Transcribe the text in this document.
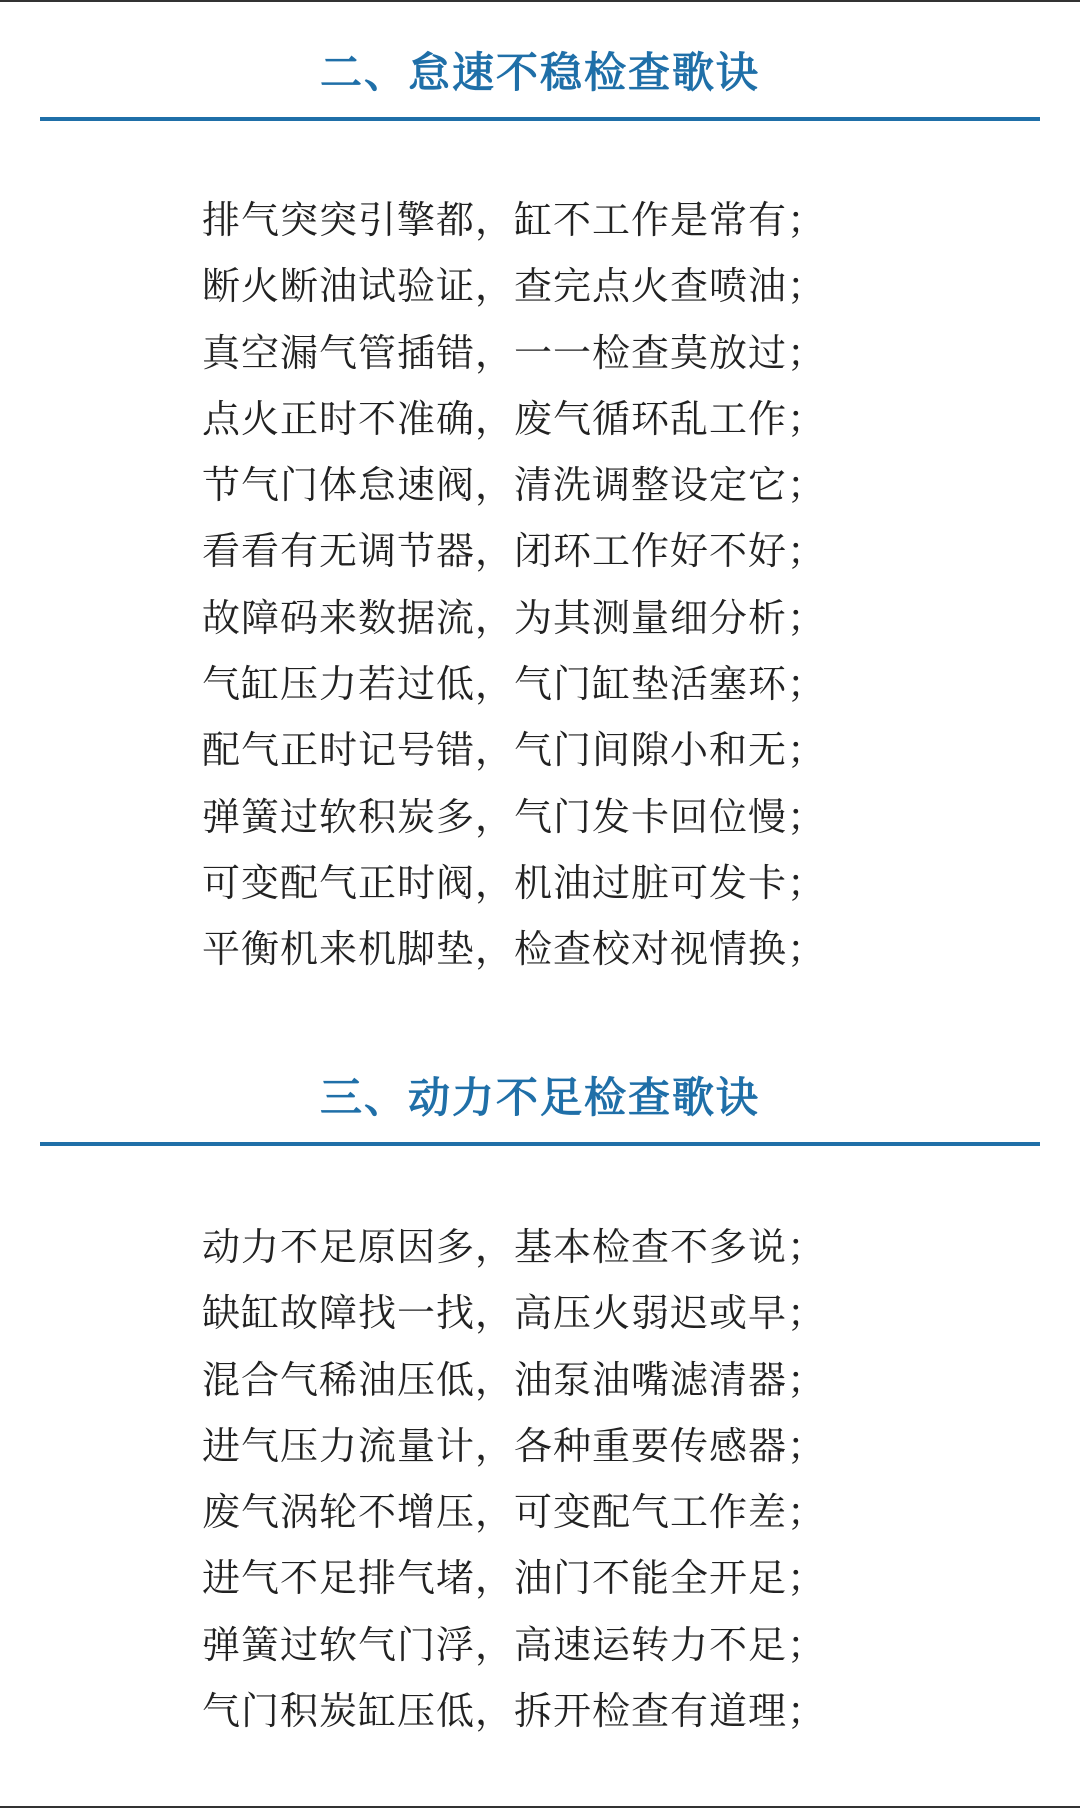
二、怠速不稳检查歌诀
排气突突引擎都，缸不工作是常有；
断火断油试验证，查完点火查喷油；
真空漏气管插错，一一检查莫放过；
点火正时不准确，废气循环乱工作；
节气门体怠速阀，清洗调整设定它；
看看有无调节器，闭环工作好不好；
故障码来数据流，为其测量细分析；
气缸压力若过低，气门缸垫活塞环；
配气正时记号错，气门间隙小和无；
弹簧过软积炭多，气门发卡回位慢；
可变配气正时阀，机油过脏可发卡；
平衡机来机脚垫，检查校对视情换；
三、动力不足检查歌诀
动力不足原因多，基本检查不多说；
缺缸故障找一找，高压火弱迟或早；
混合气稀油压低，油泵油嘴滤清器；
进气压力流量计，各种重要传感器；
废气涡轮不增压，可变配气工作差；
进气不足排气堵，油门不能全开足；
弹簧过软气门浮，高速运转力不足；
气门积炭缸压低，拆开检查有道理；
